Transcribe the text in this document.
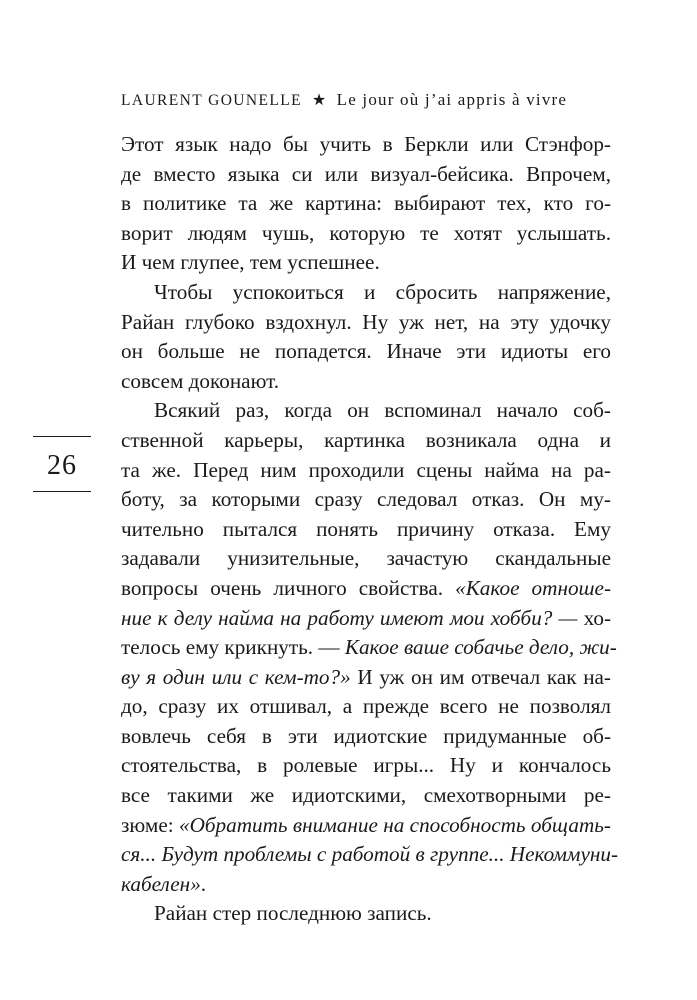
LAURENT GOUNELLE ★ Le jour où j’ai appris à vivre
26
Этот язык надо бы учить в Беркли или Стэнфор-
де вместо языка си или визуал-бейсика. Впрочем,
в политике та же картина: выбирают тех, кто го-
ворит людям чушь, которую те хотят услышать.
И чем глупее, тем успешнее.
Чтобы успокоиться и сбросить напряжение,
Райан глубоко вздохнул. Ну уж нет, на эту удочку
он больше не попадется. Иначе эти идиоты его
совсем доконают.
Всякий раз, когда он вспоминал начало соб-
ственной карьеры, картинка возникала одна и
та же. Перед ним проходили сцены найма на ра-
боту, за которыми сразу следовал отказ. Он му-
чительно пытался понять причину отказа. Ему
задавали унизительные, зачастую скандальные
вопросы очень личного свойства. «Какое отноше-
ние к делу найма на работу имеют мои хобби? — хо-
телось ему крикнуть. — Какое ваше собачье дело, жи-
ву я один или с кем-то?» И уж он им отвечал как на-
до, сразу их отшивал, а прежде всего не позволял
вовлечь себя в эти идиотские придуманные об-
стоятельства, в ролевые игры... Ну и кончалось
все такими же идиотскими, смехотворными ре-
зюме: «Обратить внимание на способность общать-
ся... Будут проблемы с работой в группе... Некоммуни-
кабелен».
Райан стер последнюю запись.
